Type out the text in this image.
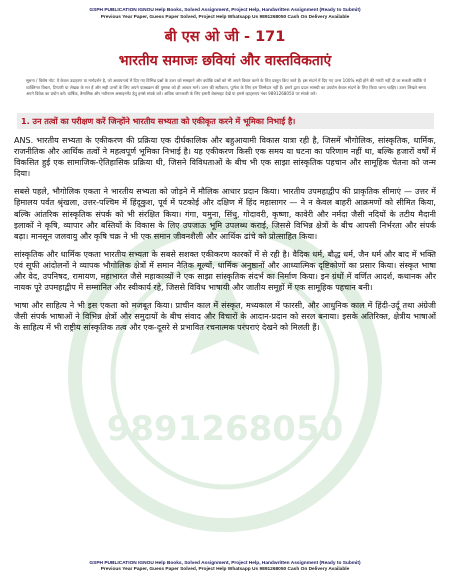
GSPH PUBLICATION IGNOU Help Books, Solved Assignment, Project Help, Handwritten Assignment (Ready to Submit)
Previous Year Paper, Guess Paper Solved, Project Help Whatsapp Us 9891268050 Cash On Delivery Available
बी एस ओ जी - 171
भारतीय समाजः छवियां और वास्तविकताएं
सूचना / विशेष नोट: ये केवल उदाहरण या मार्गदर्शन है, जो अध्ययनार्थ में दिए गए विभिन्न प्रश्नों के उत्तर को समझाने और क्योंकि प्रश्नों को भी अपने विचार करने के लिए प्रस्तुत किए जाते हैं। इस संदर्भ में दिए गए उत्तर 100% सही होने की गारंटी नहीं दी जा सकती क्योंकि ये व्यक्तिगत विचार, टिप्पणी या लेखक के मत हैं और सही उत्तरों के लिए अपने पाठ्यक्रम की पुस्तक को ही आधार मानें। उत्तर की सटीकता, पूर्णता के लिए हम जिम्मेदार नहीं हैं। हमारे द्वारा प्रदत्त सामग्री का उपयोग केवल संदर्भ के लिए किया जाना चाहिए। उत्तर लिखते समय अपने विवेक का प्रयोग करें। वार्षिक, त्रैमासिक और नवीनतम असाइनमेंट हेतु हमसे संपर्क करें। अधिक जानकारी के लिए हमारी वेबसाइट देखें या हमसे व्हाट्सएप नंबर 9891268050 पर संपर्क करें।
1. उन तत्वों का परीक्षण करें जिन्होंने भारतीय सभ्यता को एकीकृत करने में भूमिका निभाई है।
9891268050

ANS. भारतीय सभ्यता के एकीकरण की प्रक्रिया एक दीर्घकालिक और बहुआयामी विकास यात्रा रही है, जिसमें भौगोलिक, सांस्कृतिक, धार्मिक, राजनीतिक और आर्थिक तत्वों ने महत्वपूर्ण भूमिका निभाई है। यह एकीकरण किसी एक समय या घटना का परिणाम नहीं था, बल्कि हजारों वर्षों में विकसित हुई एक सामाजिक-ऐतिहासिक प्रक्रिया थी, जिसने विविधताओं के बीच भी एक साझा सांस्कृतिक पहचान और सामूहिक चेतना को जन्म दिया।

सबसे पहले, भौगोलिक एकता ने भारतीय सभ्यता को जोड़ने में मौलिक आधार प्रदान किया। भारतीय उपमहाद्वीप की प्राकृतिक सीमाएं — उत्तर में हिमालय पर्वत श्रृंखला, उत्तर-पश्चिम में हिंदूकुश, पूर्व में पटकोई और दक्षिण में हिंद महासागर — ने न केवल बाहरी आक्रमणों को सीमित किया, बल्कि आंतरिक सांस्कृतिक संपर्क को भी संरक्षित किया। गंगा, यमुना, सिंधु, गोदावरी, कृष्णा, कावेरी और नर्मदा जैसी नदियों के तटीय मैदानी इलाकों ने कृषि, व्यापार और बस्तियों के विकास के लिए उपजाऊ भूमि उपलब्ध कराई, जिससे विभिन्न क्षेत्रों के बीच आपसी निर्भरता और संपर्क बढ़ा। मानसून जलवायु और कृषि चक्र ने भी एक समान जीवनशैली और आर्थिक ढांचे को प्रोत्साहित किया।

सांस्कृतिक और धार्मिक एकता भारतीय सभ्यता के सबसे सशक्त एकीकरण कारकों में से रही है। वैदिक धर्म, बौद्ध धर्म, जैन धर्म और बाद में भक्ति एवं सूफी आंदोलनों ने व्यापक भौगोलिक क्षेत्रों में समान नैतिक मूल्यों, धार्मिक अनुष्ठानों और आध्यात्मिक दृष्टिकोणों का प्रसार किया। संस्कृत भाषा और वेद, उपनिषद, रामायण, महाभारत जैसे महाकाव्यों ने एक साझा सांस्कृतिक संदर्भ का निर्माण किया। इन ग्रंथों में वर्णित आदर्श, कथानक और नायक पूरे उपमहाद्वीप में सम्मानित और स्वीकार्य रहे, जिससे विविध भाषायी और जातीय समूहों में एक सामूहिक पहचान बनी।

भाषा और साहित्य ने भी इस एकता को मजबूत किया। प्राचीन काल में संस्कृत, मध्यकाल में फारसी, और आधुनिक काल में हिंदी-उर्दू तथा अंग्रेजी जैसी संपर्क भाषाओं ने विभिन्न क्षेत्रों और समुदायों के बीच संवाद और विचारों के आदान-प्रदान को सरल बनाया। इसके अतिरिक्त, क्षेत्रीय भाषाओं के साहित्य में भी राष्ट्रीय सांस्कृतिक तत्व और एक-दूसरे से प्रभावित रचनात्मक परंपराएं देखने को मिलती हैं।

GSPH PUBLICATION IGNOU Help Books, Solved Assignment, Project Help, Handwritten Assignment (Ready to Submit)
Previous Year Paper, Guess Paper Solved, Project Help Whatsapp Us 9891268050 Cash On Delivery Available
